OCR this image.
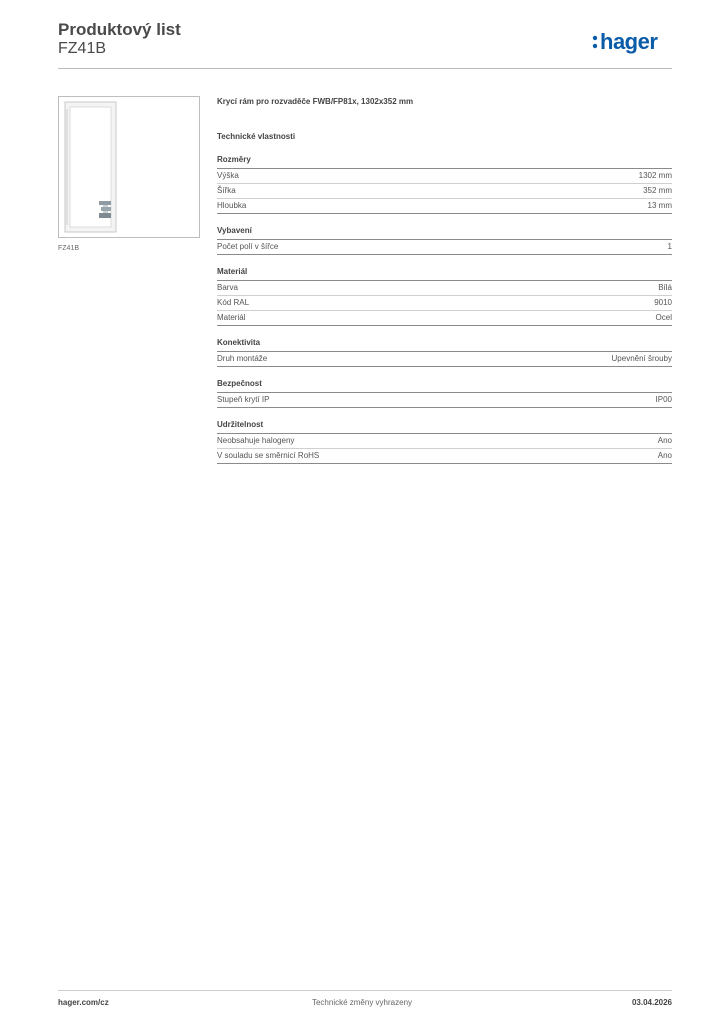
Produktový list
FZ41B	hager
FZ41B
Krycí rám pro rozvaděče FWB/FP81x, 1302x352 mm
Technické vlastnosti
Rozměry
Výška	1302 mm
Šířka	352 mm
Hloubka	13 mm
Vybavení
Počet polí v šířce	1
Materiál
Barva	Bílá
Kód RAL	9010
Materiál	Ocel
Konektivita
Druh montáže	Upevnění šrouby
Bezpečnost
Stupeň krytí IP	IP00
Udržitelnost
Neobsahuje halogeny	Ano
V souladu se směrnicí RoHS	Ano
hager.com/cz	Technické změny vyhrazeny	03.04.2026
